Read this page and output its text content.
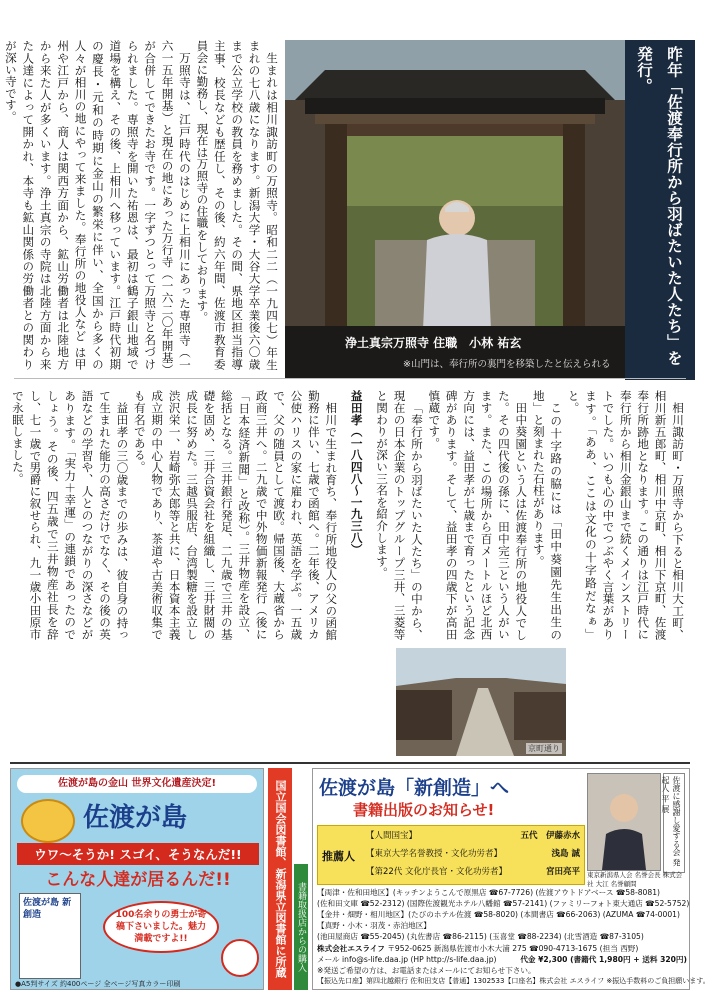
昨年「佐渡奉行所から羽ばたいた人たち」を発行。
浄土真宗万照寺 住職　小林 祐玄
※山門は、奉行所の裏門を移築したと伝えられる
生まれは相川諏訪町の万照寺。昭和二二（一九四七）年生まれの七八歳になります。新潟大学・大谷大学卒業後六〇歳まで公立学校の教員を務めました。その間、県地区担当指導主事、校長なども歴任し、その後、約六年間、佐渡市教育委員会に勤務し、現在は万照寺の住職をしております。
万照寺は、江戸時代のはじめに上相川にあった専照寺（一六一五年開基）と現在の地にあった万行寺（一六二〇年開基）が合併してできたお寺です。一字ずつとって万照寺と名づけられました。専照寺を開いた祐恩は、最初は鶴子銀山地域で道場を構え、その後、上相川へ移っています。江戸時代初期の慶長・元和の時期に金山の繁栄に伴い、全国から多くの人々が相川の地にやって来ました。奉行所の地役人など は甲州や江戸から、商人は関西方面から、鉱山労働者は北陸地方から来た人が多くいます。浄土真宗の寺院は北陸方面から来た人達によって開かれ、本寺も鉱山関係の労働者との関わりが深い寺です。
相川諏訪町・万照寺から下ると相川大工町、相川新五郎町、相川中京町、相川下京町、佐渡奉行所跡地となります。この通りは江戸時代に奉行所から相川金銀山まで続くメインストリートでした。いつも心の中でつぶやく言葉があります。「ああ、ここは文化の十字路だなぁ」と。
この十字路の脇には「田中葵園先生出生の地」と刻まれた石柱があります。
田中葵園という人は佐渡奉行所の地役人でした。その四代後の孫に、田中完三という人がいます。また、この場所から百メートルほど北西方向には、益田孝が七歳まで育ったという記念碑があります。そして、益田孝の四歳下が高田慎蔵です。
「奉行所から羽ばたいた人たち」の中から、現在の日本企業のトップグループ三井、三菱等と関わりが深い三名を紹介します。
益田孝（一八四八〜一九三八）
相川で生まれ育ち、奉行所地役人の父の函館勤務に伴い、七歳で函館へ。二年後、アメリカ公使ハリスの家に雇われ、英語を学ぶ。一五歳で、父の随員として渡欧。帰国後、大蔵省から政商三井へ。二九歳で中外物価新報発行（後に「日本経済新聞」と改称）。三井物産を設立、総括となる。三井銀行発足、二九歳で三井の基礎を固め、三井合資会社を組織し、三井財閥の成長に努めた。三越呉服店、台湾製糖を設立し渋沢栄一、岩崎弥太郎等と共に、日本資本主義成立期の中心人物であり、茶道や古美術収集でも有名である。
益田孝の三〇歳までの歩みは、彼自身の持って生まれた能力の高さだけでなく、その後の英語などの学習や、人とのつながりの深さなどがあります。「実力＋幸運」の連鎖であったのでしょう。その後、四五歳で三井物産社長を辞し、七一歳で男爵に叙せられ、九一歳小田原市で永眠しました。
京町通り
佐渡が島の金山 世界文化遺産決定!
佐渡が島
ウワ〜そうか! スゴイ、そうなんだ!!
こんな人達が居るんだ!!
佐渡が島 新創造	100名余りの勇士が寄稿下さいました。魅力満載ですよ!!
●A5判サイズ 約400ページ 全ページ写真カラー印刷
国立国会図書館、新潟県立図書館に所蔵	書籍取扱店からの購入
佐渡が島「新創造」へ
書籍出版のお知らせ!
推薦人
【人間国宝】	五代　伊藤赤水
【東京大学名誉教授・文化功労者】	浅島 誠
【第22代 文化庁長官・文化功労者】	宮田亮平
佐渡に感謝し愛する会 発起人 平 展
東京新潟県人会 名誉会長 株式会社 大江 名誉顧問
【両津・佐和田地区】(キッチンようこんで原黒店 ☎67-7726) (佐渡アウトドアベース ☎58-8081)
(佐和田文庫 ☎52-2312) (国際佐渡観光ホテル八幡館 ☎57-2141) (ファミリーフォト東大通店 ☎52-5752)
【金井・畑野・相川地区】(たびのホテル佐渡 ☎58-8020) (本間書店 ☎66-2063) (AZUMA ☎74-0001)
【真野・小木・羽茂・赤泊地区】
(池田屋商店 ☎55-2045) (丸佐書店 ☎86-2115) (玉喜堂 ☎88-2234) (北雪酒造 ☎87-3105)
株式会社エスライフ 〒952-0625 新潟県佐渡市小木大浦 275 ☎090-4713-1675 (担当 西野)
メール info@s-life.daa.jp (HP http://s-life.daa.jp)	代金 ¥2,300 (書籍代 1,980円 + 送料 320円)
※発送ご希望の方は、お電話またはメールにてお知らせ下さい。
【振込先口座】第四北越銀行 佐和田支店【普通】1302533【口座名】株式会社 エスライフ ※振込手数料のご負担願います。
